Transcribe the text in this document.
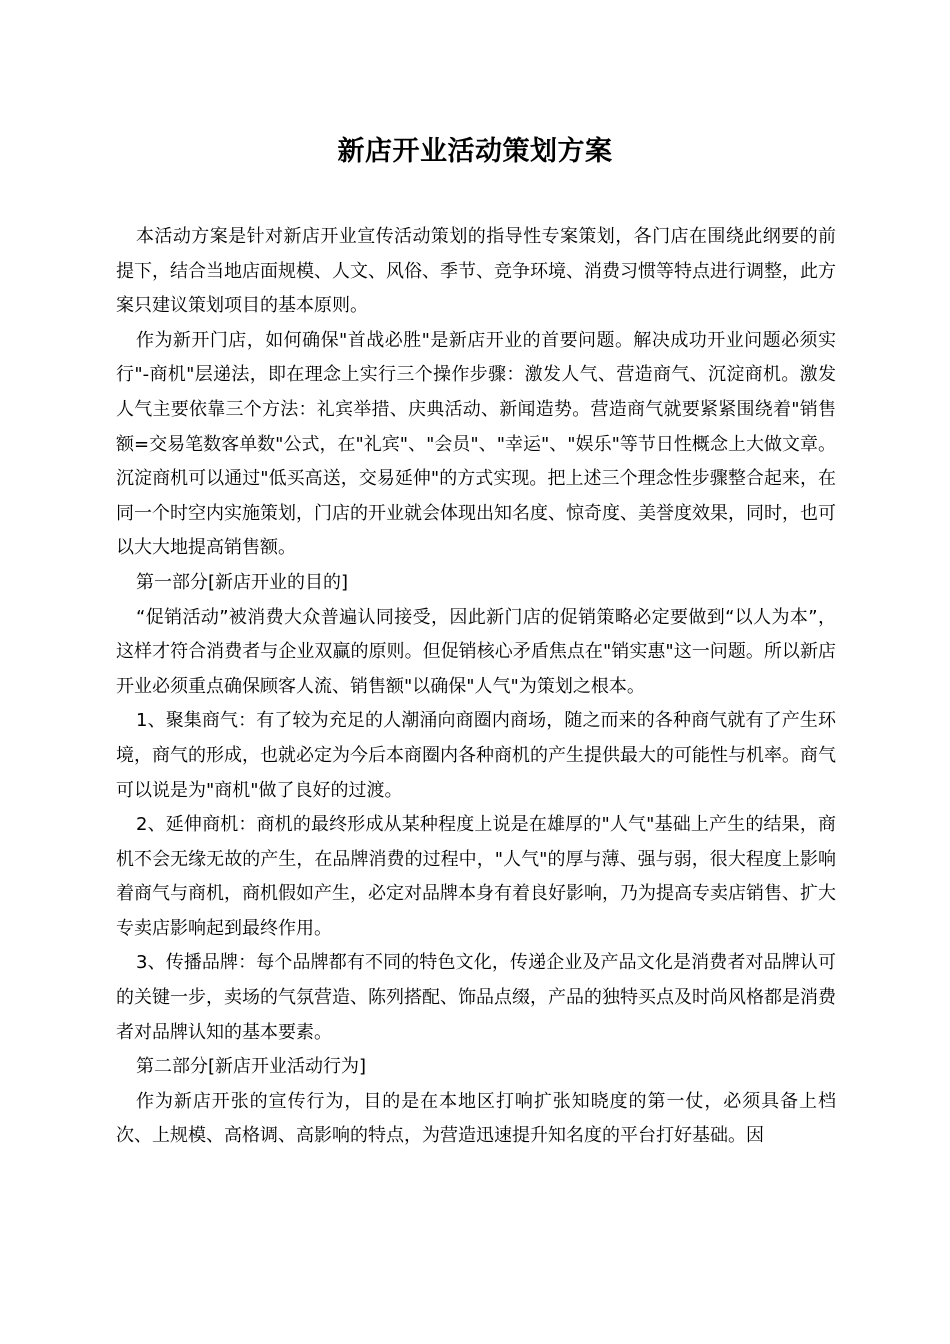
新店开业活动策划方案

本活动方案是针对新店开业宣传活动策划的指导性专案策划，各门店在围绕此纲要的前提下，结合当地店面规模、人文、风俗、季节、竞争环境、消费习惯等特点进行调整，此方案只建议策划项目的基本原则。

作为新开门店，如何确保"首战必胜"是新店开业的首要问题。解决成功开业问题必须实行"-商机"层递法，即在理念上实行三个操作步骤：激发人气、营造商气、沉淀商机。激发人气主要依靠三个方法：礼宾举措、庆典活动、新闻造势。营造商气就要紧紧围绕着"销售额=交易笔数客单数"公式，在"礼宾"、"会员"、"幸运"、"娱乐"等节日性概念上大做文章。沉淀商机可以通过"低买高送，交易延伸"的方式实现。把上述三个理念性步骤整合起来，在同一个时空内实施策划，门店的开业就会体现出知名度、惊奇度、美誉度效果，同时，也可以大大地提高销售额。

第一部分[新店开业的目的]

“促销活动”被消费大众普遍认同接受，因此新门店的促销策略必定要做到“以人为本”，这样才符合消费者与企业双赢的原则。但促销核心矛盾焦点在"销实惠"这一问题。所以新店开业必须重点确保顾客人流、销售额"以确保"人气"为策划之根本。

1、聚集商气：有了较为充足的人潮涌向商圈内商场，随之而来的各种商气就有了产生环境，商气的形成，也就必定为今后本商圈内各种商机的产生提供最大的可能性与机率。商气可以说是为"商机"做了良好的过渡。

2、延伸商机：商机的最终形成从某种程度上说是在雄厚的"人气"基础上产生的结果，商机不会无缘无故的产生，在品牌消费的过程中，"人气"的厚与薄、强与弱，很大程度上影响着商气与商机，商机假如产生，必定对品牌本身有着良好影响，乃为提高专卖店销售、扩大专卖店影响起到最终作用。

3、传播品牌：每个品牌都有不同的特色文化，传递企业及产品文化是消费者对品牌认可的关键一步，卖场的气氛营造、陈列搭配、饰品点缀，产品的独特买点及时尚风格都是消费者对品牌认知的基本要素。

第二部分[新店开业活动行为]

作为新店开张的宣传行为，目的是在本地区打响扩张知晓度的第一仗，必须具备上档次、上规模、高格调、高影响的特点，为营造迅速提升知名度的平台打好基础。因
